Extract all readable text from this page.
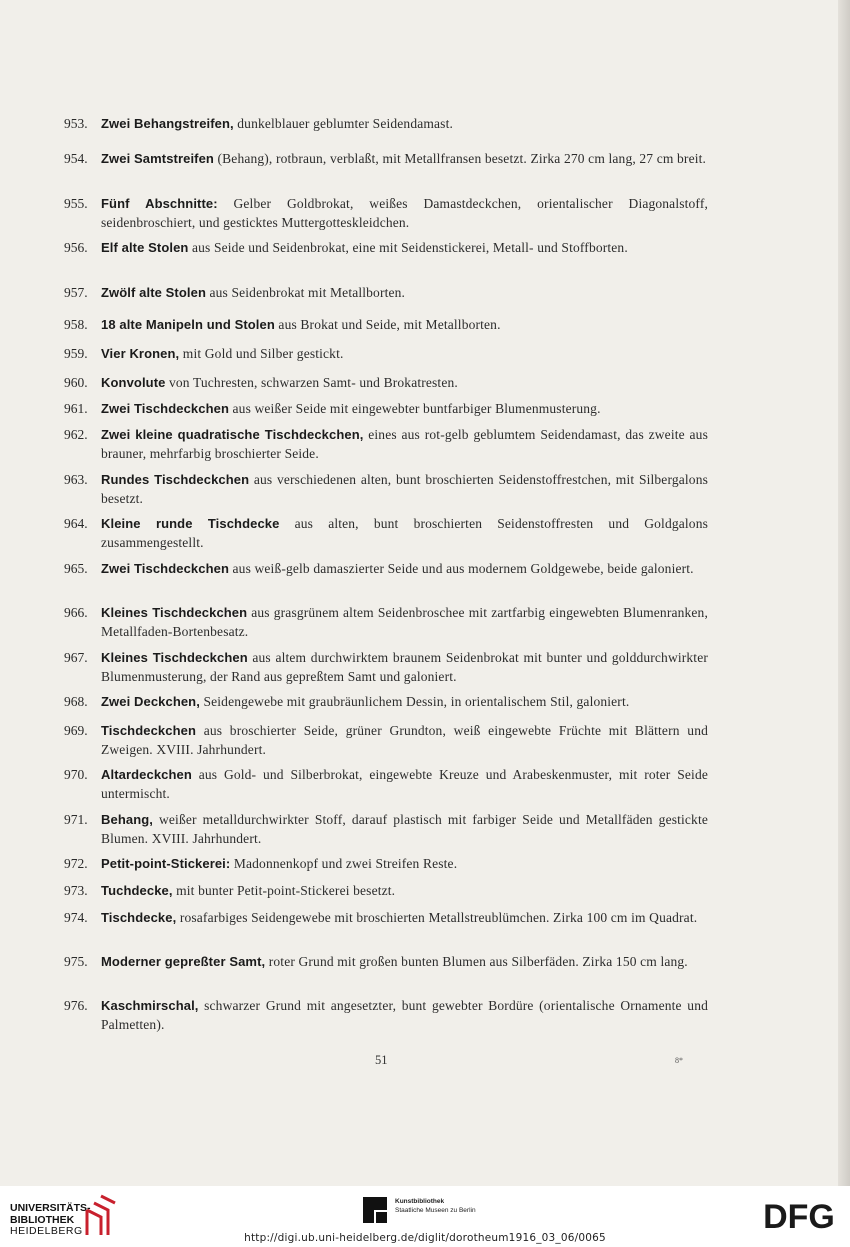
953.	Zwei Behangstreifen, dunkelblauer geblumter Seidendamast.
954.	Zwei Samtstreifen (Behang), rotbraun, verblaßt, mit Metallfransen besetzt. Zirka 270 cm lang, 27 cm breit.
955.	Fünf Abschnitte: Gelber Goldbrokat, weißes Damastdeckchen, orientalischer Diagonalstoff, seidenbroschiert, und gesticktes Muttergotteskleidchen.
956.	Elf alte Stolen aus Seide und Seidenbrokat, eine mit Seidenstickerei, Metall- und Stoffborten.
957.	Zwölf alte Stolen aus Seidenbrokat mit Metallborten.
958.	18 alte Manipeln und Stolen aus Brokat und Seide, mit Metallborten.
959.	Vier Kronen, mit Gold und Silber gestickt.
960.	Konvolute von Tuchresten, schwarzen Samt- und Brokatresten.
961.	Zwei Tischdeckchen aus weißer Seide mit eingewebter buntfarbiger Blumenmusterung.
962.	Zwei kleine quadratische Tischdeckchen, eines aus rot-gelb geblumtem Seidendamast, das zweite aus brauner, mehrfarbig broschierter Seide.
963.	Rundes Tischdeckchen aus verschiedenen alten, bunt broschierten Seidenstoffrestchen, mit Silbergalons besetzt.
964.	Kleine runde Tischdecke aus alten, bunt broschierten Seidenstoffresten und Goldgalons zusammengestellt.
965.	Zwei Tischdeckchen aus weiß-gelb damaszierter Seide und aus modernem Goldgewebe, beide galoniert.
966.	Kleines Tischdeckchen aus grasgrünem altem Seidenbroschee mit zartfarbig eingewebten Blumenranken, Metallfaden-Bortenbesatz.
967.	Kleines Tischdeckchen aus altem durchwirktem braunem Seidenbrokat mit bunter und golddurchwirkter Blumenmusterung, der Rand aus gepreßtem Samt und galoniert.
968.	Zwei Deckchen, Seidengewebe mit graubräunlichem Dessin, in orientalischem Stil, galoniert.
969.	Tischdeckchen aus broschierter Seide, grüner Grundton, weiß eingewebte Früchte mit Blättern und Zweigen. XVIII. Jahrhundert.
970.	Altardeckchen aus Gold- und Silberbrokat, eingewebte Kreuze und Arabeskenmuster, mit roter Seide untermischt.
971.	Behang, weißer metalldurchwirkter Stoff, darauf plastisch mit farbiger Seide und Metallfäden gestickte Blumen. XVIII. Jahrhundert.
972.	Petit-point-Stickerei: Madonnenkopf und zwei Streifen Reste.
973.	Tuchdecke, mit bunter Petit-point-Stickerei besetzt.
974.	Tischdecke, rosafarbiges Seidengewebe mit broschierten Metallstreublümchen. Zirka 100 cm im Quadrat.
975.	Moderner gepreßter Samt, roter Grund mit großen bunten Blumen aus Silberfäden. Zirka 150 cm lang.
976.	Kaschmirschal, schwarzer Grund mit angesetzter, bunt gewebter Bordüre (orientalische Ornamente und Palmetten).
51	8*
UNIVERSITÄTS-
BIBLIOTHEK
HEIDELBERG
Kunstbibliothek
Staatliche Museen zu Berlin	DFG
http://digi.ub.uni-heidelberg.de/diglit/dorotheum1916_03_06/0065
